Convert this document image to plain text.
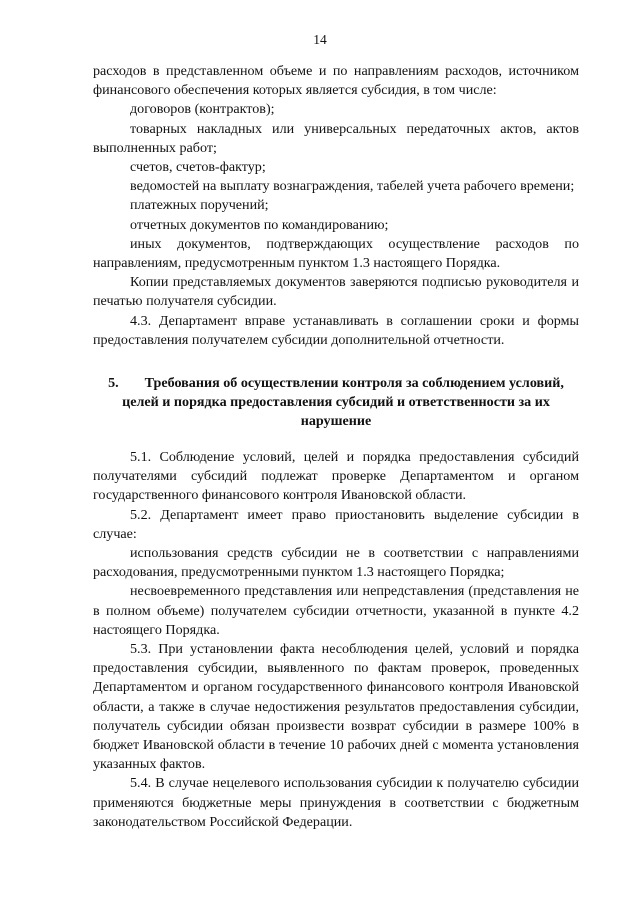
14

расходов в представленном объеме и по направлениям расходов, источником финансового обеспечения которых является субсидия, в том числе:

договоров (контрактов);

товарных накладных или универсальных передаточных актов, актов выполненных работ;

счетов, счетов-фактур;

ведомостей на выплату вознаграждения, табелей учета рабочего времени;

платежных поручений;

отчетных документов по командированию;

иных документов, подтверждающих осуществление расходов по направлениям, предусмотренным пунктом 1.3 настоящего Порядка.

Копии представляемых документов заверяются подписью руководителя и печатью получателя субсидии.

4.3. Департамент вправе устанавливать в соглашении сроки и формы предоставления получателем субсидии дополнительной отчетности.

5. Требования об осуществлении контроля за соблюдением условий, целей и порядка предоставления субсидий и ответственности за их нарушение

5.1. Соблюдение условий, целей и порядка предоставления субсидий получателями субсидий подлежат проверке Департаментом и органом государственного финансового контроля Ивановской области.

5.2. Департамент имеет право приостановить выделение субсидии в случае:

использования средств субсидии не в соответствии с направлениями расходования, предусмотренными пунктом 1.3 настоящего Порядка;

несвоевременного представления или непредставления (представления не в полном объеме) получателем субсидии отчетности, указанной в пункте 4.2 настоящего Порядка.

5.3. При установлении факта несоблюдения целей, условий и порядка предоставления субсидии, выявленного по фактам проверок, проведенных Департаментом и органом государственного финансового контроля Ивановской области, а также в случае недостижения результатов предоставления субсидии, получатель субсидии обязан произвести возврат субсидии в размере 100% в бюджет Ивановской области в течение 10 рабочих дней с момента установления указанных фактов.

5.4. В случае нецелевого использования субсидии к получателю субсидии применяются бюджетные меры принуждения в соответствии с бюджетным законодательством Российской Федерации.
